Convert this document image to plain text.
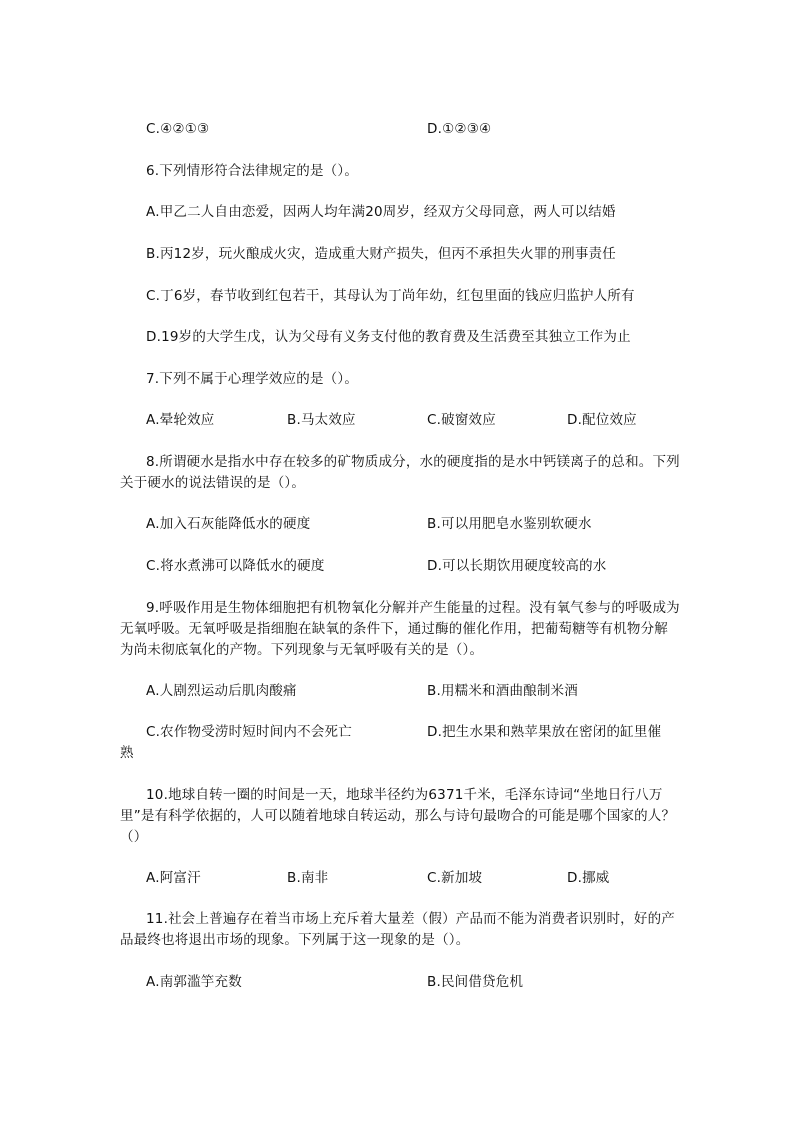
C.④②①③	D.①②③④
6.下列情形符合法律规定的是（）。
A.甲乙二人自由恋爱，因两人均年满20周岁，经双方父母同意，两人可以结婚
B.丙12岁，玩火酿成火灾，造成重大财产损失，但丙不承担失火罪的刑事责任
C.丁6岁，春节收到红包若干，其母认为丁尚年幼，红包里面的钱应归监护人所有
D.19岁的大学生戊，认为父母有义务支付他的教育费及生活费至其独立工作为止
7.下列不属于心理学效应的是（）。
A.晕轮效应	B.马太效应	C.破窗效应	D.配位效应
8.所谓硬水是指水中存在较多的矿物质成分，水的硬度指的是水中钙镁离子的总和。下列关于硬水的说法错误的是（）。
A.加入石灰能降低水的硬度	B.可以用肥皂水鉴别软硬水
C.将水煮沸可以降低水的硬度	D.可以长期饮用硬度较高的水
9.呼吸作用是生物体细胞把有机物氧化分解并产生能量的过程。没有氧气参与的呼吸成为无氧呼吸。无氧呼吸是指细胞在缺氧的条件下，通过酶的催化作用，把葡萄糖等有机物分解为尚未彻底氧化的产物。下列现象与无氧呼吸有关的是（）。
A.人剧烈运动后肌肉酸痛	B.用糯米和酒曲酿制米酒
C.农作物受涝时短时间内不会死亡	D.把生水果和熟苹果放在密闭的缸里催
熟
10.地球自转一圈的时间是一天，地球半径约为6371千米，毛泽东诗词“坐地日行八万里”是有科学依据的，人可以随着地球自转运动，那么与诗句最吻合的可能是哪个国家的人？（）
A.阿富汗	B.南非	C.新加坡	D.挪威
11.社会上普遍存在着当市场上充斥着大量差（假）产品而不能为消费者识别时，好的产品最终也将退出市场的现象。下列属于这一现象的是（）。
A.南郭滥竽充数	B.民间借贷危机
